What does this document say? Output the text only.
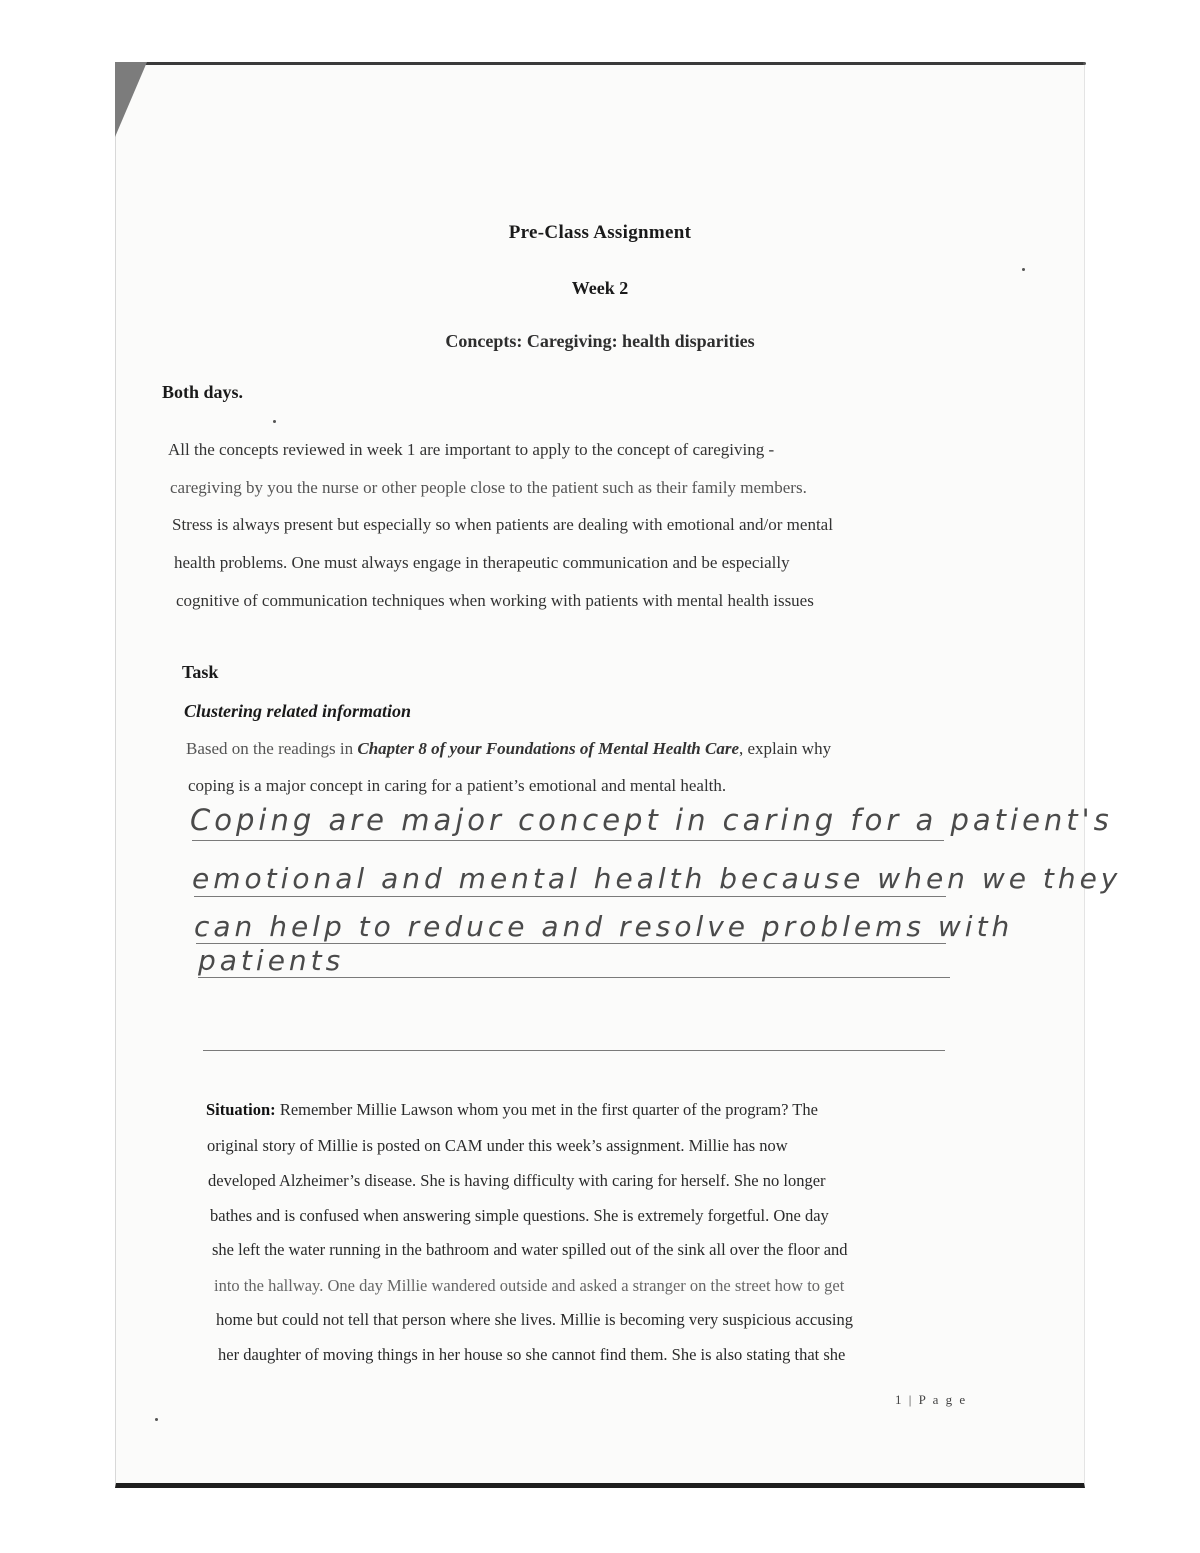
Pre-Class Assignment
Week 2
Concepts: Caregiving: health disparities
Both days.
All the concepts reviewed in week 1 are important to apply to the concept of caregiving -
caregiving by you the nurse or other people close to the patient such as their family members.
Stress is always present but especially so when patients are dealing with emotional and/or mental
health problems. One must always engage in therapeutic communication and be especially
cognitive of communication techniques when working with patients with mental health issues
Task
Clustering related information
Based on the readings in Chapter 8 of your Foundations of Mental Health Care, explain why
coping is a major concept in caring for a patient’s emotional and mental health.
Coping are major concept in caring for a patient's
emotional and mental health because when we they
can help to reduce and resolve problems with
patients
Situation: Remember Millie Lawson whom you met in the first quarter of the program? The
original story of Millie is posted on CAM under this week’s assignment. Millie has now
developed Alzheimer’s disease. She is having difficulty with caring for herself. She no longer
bathes and is confused when answering simple questions. She is extremely forgetful. One day
she left the water running in the bathroom and water spilled out of the sink all over the floor and
into the hallway. One day Millie wandered outside and asked a stranger on the street how to get
home but could not tell that person where she lives. Millie is becoming very suspicious accusing
her daughter of moving things in her house so she cannot find them. She is also stating that she
1 | P a g e
